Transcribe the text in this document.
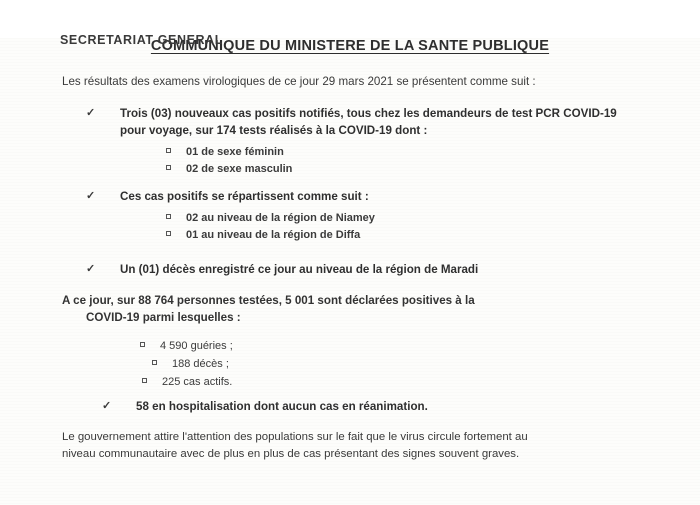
SECRETARIAT GENERAL
COMMUNIQUE DU MINISTERE DE LA SANTE PUBLIQUE

Les résultats des examens virologiques de ce jour 29 mars 2021 se présentent comme suit :

✓	Trois (03) nouveaux cas positifs notifiés, tous chez les demandeurs de test PCR COVID-19 pour voyage, sur 174 tests réalisés à la COVID-19 dont :
01 de sexe féminin
02 de sexe masculin
✓	Ces cas positifs se répartissent comme suit :
02 au niveau de la région de Niamey
01 au niveau de la région de Diffa
✓	Un (01) décès enregistré ce jour au niveau de la région de Maradi

A ce jour, sur 88 764 personnes testées, 5 001 sont déclarées positives à la
COVID-19 parmi lesquelles :

4 590 guéries ;
188 décès ;
225 cas actifs.
✓	58 en hospitalisation dont aucun cas en réanimation.

Le gouvernement attire l'attention des populations sur le fait que le virus circule fortement au
niveau communautaire avec de plus en plus de cas présentant des signes souvent graves.
